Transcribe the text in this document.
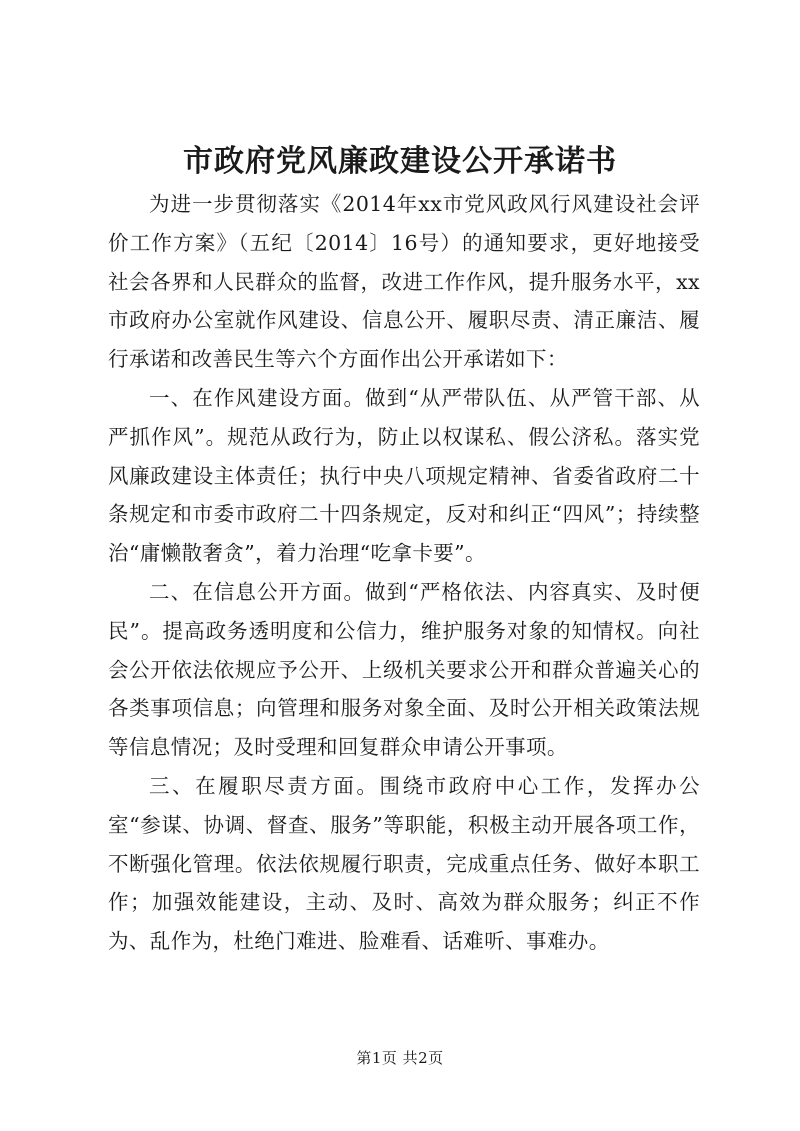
市政府党风廉政建设公开承诺书

为进一步贯彻落实《2014年xx市党风政风行风建设社会评价工作方案》（五纪〔2014〕16号）的通知要求，更好地接受社会各界和人民群众的监督，改进工作作风，提升服务水平，xx市政府办公室就作风建设、信息公开、履职尽责、清正廉洁、履行承诺和改善民生等六个方面作出公开承诺如下：

一、在作风建设方面。做到“从严带队伍、从严管干部、从严抓作风”。规范从政行为，防止以权谋私、假公济私。落实党风廉政建设主体责任；执行中央八项规定精神、省委省政府二十条规定和市委市政府二十四条规定，反对和纠正“四风”；持续整治“庸懒散奢贪”，着力治理“吃拿卡要”。

二、在信息公开方面。做到“严格依法、内容真实、及时便民”。提高政务透明度和公信力，维护服务对象的知情权。向社会公开依法依规应予公开、上级机关要求公开和群众普遍关心的各类事项信息；向管理和服务对象全面、及时公开相关政策法规等信息情况；及时受理和回复群众申请公开事项。

三、在履职尽责方面。围绕市政府中心工作，发挥办公室“参谋、协调、督查、服务”等职能，积极主动开展各项工作，不断强化管理。依法依规履行职责，完成重点任务、做好本职工作；加强效能建设，主动、及时、高效为群众服务；纠正不作为、乱作为，杜绝门难进、脸难看、话难听、事难办。

第1页 共2页
